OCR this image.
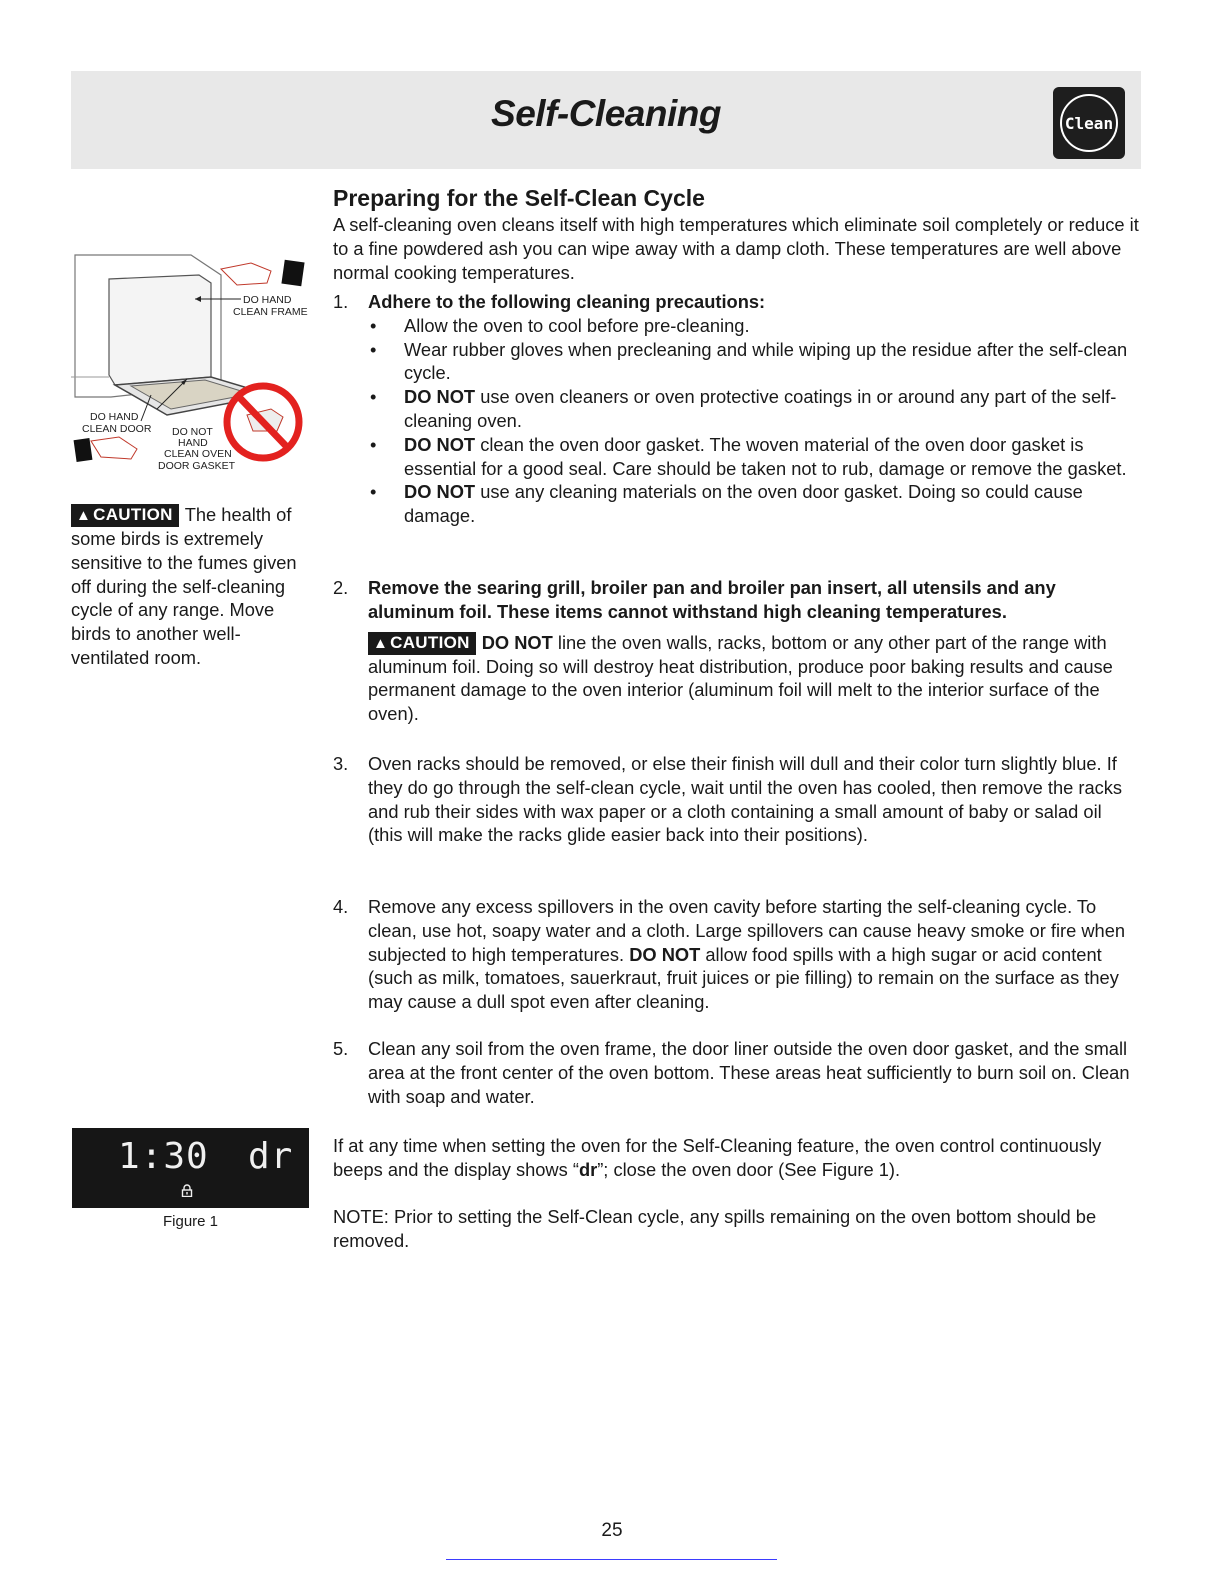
Self-Cleaning	Clean
DO HAND CLEAN FRAME DO HAND CLEAN DOOR DO NOT HAND CLEAN OVEN DOOR GASKET
▲ CAUTION The health of some birds is extremely sensitive to the fumes given off during the self-cleaning cycle of any range. Move birds to another well-ventilated room.
Preparing for the Self-Clean Cycle

A self-cleaning oven cleans itself with high temperatures which eliminate soil completely or reduce it to a fine powdered ash you can wipe away with a damp cloth. These temperatures are well above normal cooking temperatures.

1. Adhere to the following cleaning precautions:
• Allow the oven to cool before pre-cleaning.
• Wear rubber gloves when precleaning and while wiping up the residue after the self-clean cycle.
• DO NOT use oven cleaners or oven protective coatings in or around any part of the self-cleaning oven.
• DO NOT clean the oven door gasket. The woven material of the oven door gasket is essential for a good seal. Care should be taken not to rub, damage or remove the gasket.
• DO NOT use any cleaning materials on the oven door gasket. Doing so could cause damage.
2. Remove the searing grill, broiler pan and broiler pan insert, all utensils and any aluminum foil. These items cannot withstand high cleaning temperatures.
▲ CAUTION DO NOT line the oven walls, racks, bottom or any other part of the range with aluminum foil. Doing so will destroy heat distribution, produce poor baking results and cause permanent damage to the oven interior (aluminum foil will melt to the interior surface of the oven).
3. Oven racks should be removed, or else their finish will dull and their color turn slightly blue. If they do go through the self-clean cycle, wait until the oven has cooled, then remove the racks and rub their sides with wax paper or a cloth containing a small amount of baby or salad oil (this will make the racks glide easier back into their positions).
4. Remove any excess spillovers in the oven cavity before starting the self-cleaning cycle. To clean, use hot, soapy water and a cloth. Large spillovers can cause heavy smoke or fire when subjected to high temperatures. DO NOT allow food spills with a high sugar or acid content (such as milk, tomatoes, sauerkraut, fruit juices or pie filling) to remain on the surface as they may cause a dull spot even after cleaning.
5. Clean any soil from the oven frame, the door liner outside the oven door gasket, and the small area at the front center of the oven bottom. These areas heat sufficiently to burn soil on. Clean with soap and water.
If at any time when setting the oven for the Self-Cleaning feature, the oven control continuously beeps and the display shows “dr”; close the oven door (See Figure 1).
NOTE: Prior to setting the Self-Clean cycle, any spills remaining on the oven bottom should be removed.
1:30 dr
Figure 1
25
